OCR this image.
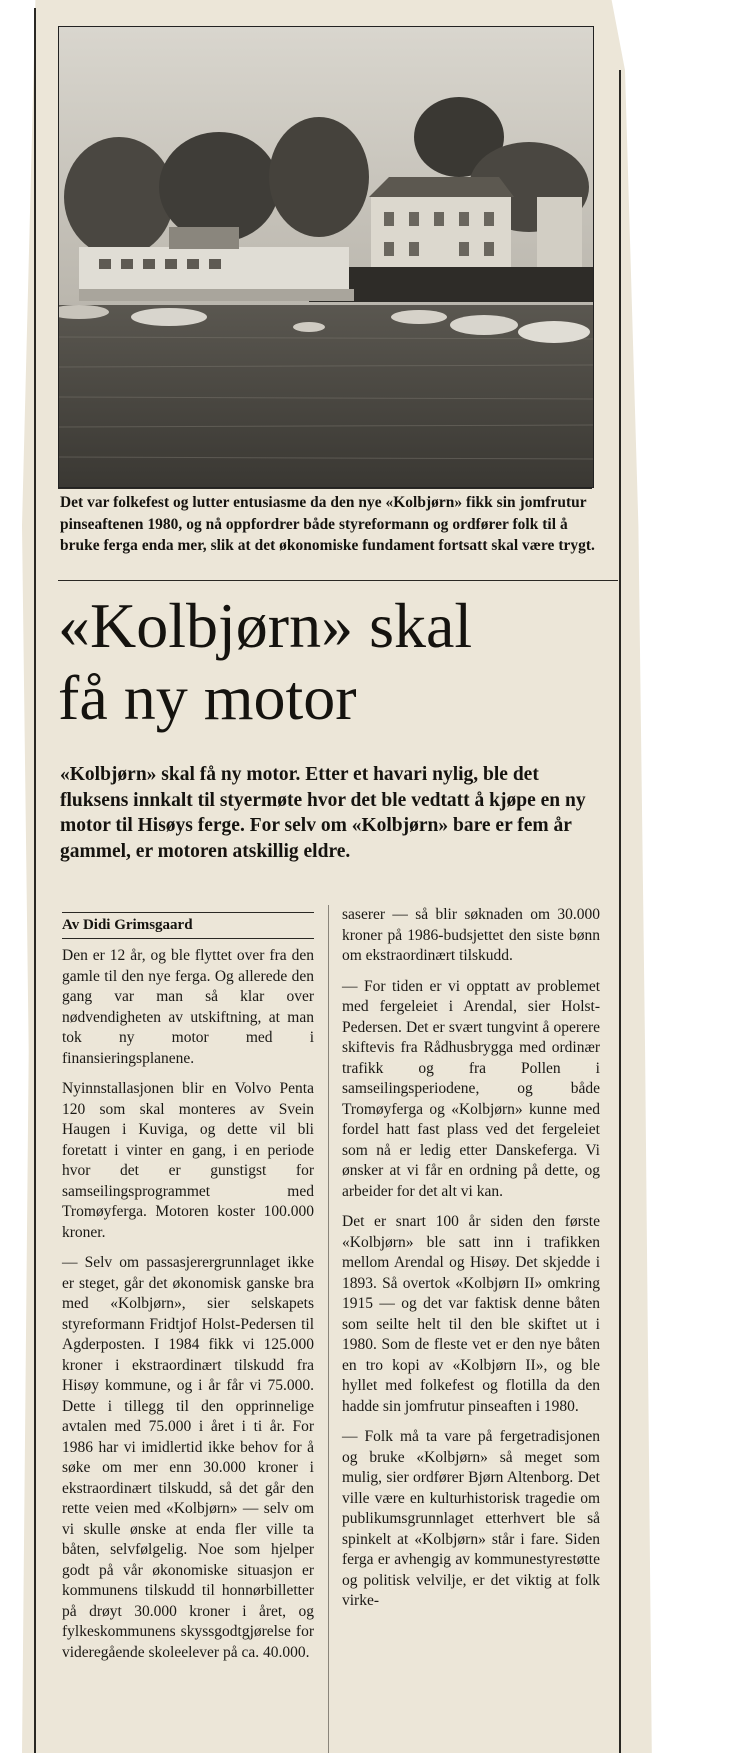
Det var folkefest og lutter entusiasme da den nye «Kolbjørn» fikk sin jomfrutur pinseaftenen 1980, og nå oppfordrer både styreformann og ordfører folk til å bruke ferga enda mer, slik at det økonomiske fundament fortsatt skal være trygt.
«Kolbjørn» skal
få ny motor
«Kolbjørn» skal få ny motor. Etter et havari nylig, ble det fluksens innkalt til styermøte hvor det ble vedtatt å kjøpe en ny motor til Hisøys ferge. For selv om «Kolbjørn» bare er fem år gammel, er motoren atskillig eldre.
Av Didi Grimsgaard

Den er 12 år, og ble flyttet over fra den gamle til den nye ferga. Og allerede den gang var man så klar over nødvendigheten av utskiftning, at man tok ny motor med i finansieringsplanene.

Nyinnstallasjonen blir en Volvo Penta 120 som skal monteres av Svein Haugen i Kuviga, og dette vil bli foretatt i vinter en gang, i en periode hvor det er gunstigst for samseilingsprogrammet med Tromøyferga. Motoren koster 100.000 kroner.

— Selv om passasjerergrunnlaget ikke er steget, går det økonomisk ganske bra med «Kolbjørn», sier selskapets styreformann Fridtjof Holst-Pedersen til Agderposten. I 1984 fikk vi 125.000 kroner i ekstraordinært tilskudd fra Hisøy kommune, og i år får vi 75.000. Dette i tillegg til den opprinnelige avtalen med 75.000 i året i ti år. For 1986 har vi imidlertid ikke behov for å søke om mer enn 30.000 kroner i ekstraordinært tilskudd, så det går den rette veien med «Kolbjørn» — selv om vi skulle ønske at enda fler ville ta båten, selvfølgelig. Noe som hjelper godt på vår økonomiske situasjon er kommunens tilskudd til honnørbilletter på drøyt 30.000 kroner i året, og fylkeskommunens skyssgodtgjørelse for videregående skoleelever på ca. 40.000.

saserer — så blir søknaden om 30.000 kroner på 1986-budsjettet den siste bønn om ekstraordinært tilskudd.

— For tiden er vi opptatt av problemet med fergeleiet i Arendal, sier Holst-Pedersen. Det er svært tungvint å operere skiftevis fra Rådhusbrygga med ordinær trafikk og fra Pollen i samseilingsperiodene, og både Tromøyferga og «Kolbjørn» kunne med fordel hatt fast plass ved det fergeleiet som nå er ledig etter Danskeferga. Vi ønsker at vi får en ordning på dette, og arbeider for det alt vi kan.

Det er snart 100 år siden den første «Kolbjørn» ble satt inn i trafikken mellom Arendal og Hisøy. Det skjedde i 1893. Så overtok «Kolbjørn II» omkring 1915 — og det var faktisk denne båten som seilte helt til den ble skiftet ut i 1980. Som de fleste vet er den nye båten en tro kopi av «Kolbjørn II», og ble hyllet med folkefest og flotilla da den hadde sin jomfrutur pinseaften i 1980.

— Folk må ta vare på fergetradisjonen og bruke «Kolbjørn» så meget som mulig, sier ordfører Bjørn Altenborg. Det ville være en kulturhistorisk tragedie om publikumsgrunnlaget etterhvert ble så spinkelt at «Kolbjørn» står i fare. Siden ferga er avhengig av kommunestyrestøtte og politisk velvilje, er det viktig at folk virke-
